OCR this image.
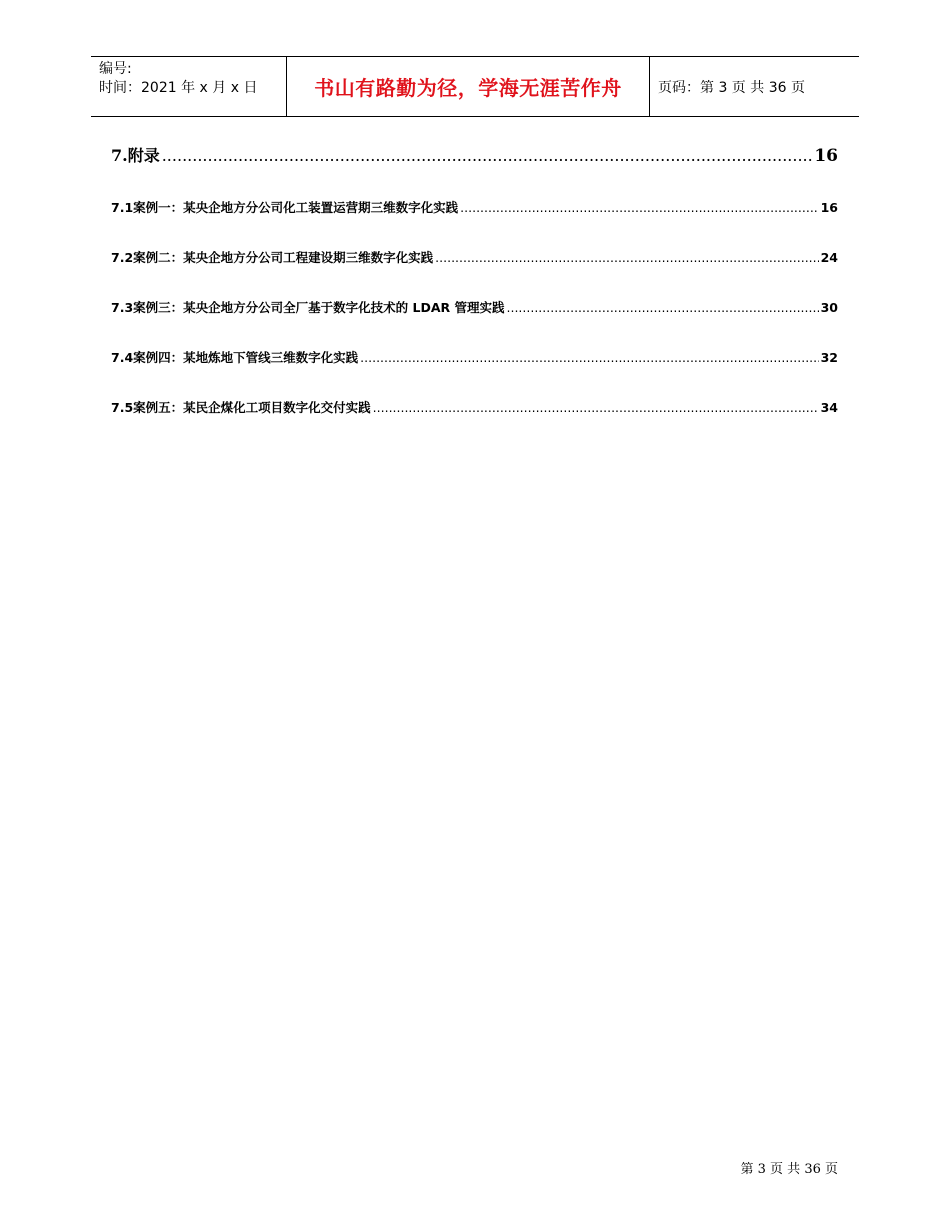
编号:
时间：2021 年 x 月 x 日	书山有路勤为径，学海无涯苦作舟	页码：第 3 页 共 36 页
7. 附录 .....	16
7.1 案例一：某央企地方分公司化工装置运营期三维数字化实践 .....	16
7.2 案例二：某央企地方分公司工程建设期三维数字化实践 .....	24
7.3 案例三：某央企地方分公司全厂基于数字化技术的 LDAR 管理实践 .....	30
7.4 案例四：某地炼地下管线三维数字化实践 .....	32
7.5 案例五：某民企煤化工项目数字化交付实践 .....	34
第 3 页 共 36 页
